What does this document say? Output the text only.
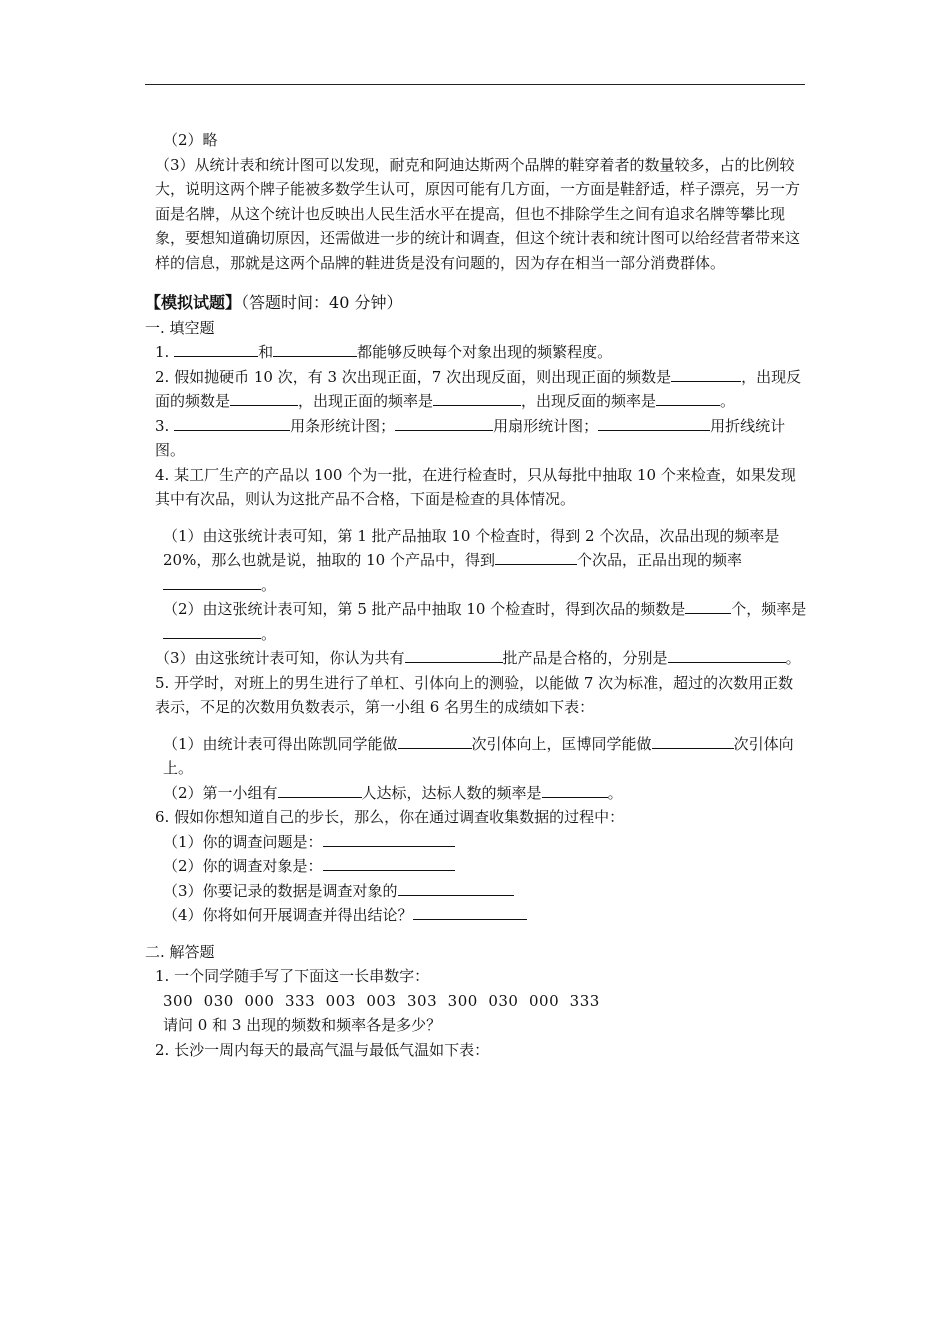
（2）略

（3）从统计表和统计图可以发现，耐克和阿迪达斯两个品牌的鞋穿着者的数量较多，占的比例较大，说明这两个牌子能被多数学生认可，原因可能有几方面，一方面是鞋舒适，样子漂亮，另一方面是名牌，从这个统计也反映出人民生活水平在提高，但也不排除学生之间有追求名牌等攀比现象，要想知道确切原因，还需做进一步的统计和调查，但这个统计表和统计图可以给经营者带来这样的信息，那就是这两个品牌的鞋进货是没有问题的，因为存在相当一部分消费群体。

【模拟试题】（答题时间：40 分钟）

一. 填空题

1.	和	都能够反映每个对象出现的频繁程度。

2. 假如抛硬币 10 次，有 3 次出现正面，7 次出现反面，则出现正面的频数是	，出现反面的频数是	，出现正面的频率是	，出现反面的频率是	。

3.	用条形统计图；	用扇形统计图；	用折线统计图。

4. 某工厂生产的产品以 100 个为一批，在进行检查时，只从每批中抽取 10 个来检查，如果发现其中有次品，则认为这批产品不合格，下面是检查的具体情况。

（1）由这张统计表可知，第 1 批产品抽取 10 个检查时，得到 2 个次品，次品出现的频率是 20%，那么也就是说，抽取的 10 个产品中，得到	个次品，正品出现的频率。

（2）由这张统计表可知，第 5 批产品中抽取 10 个检查时，得到次品的频数是	个，频率是。

（3）由这张统计表可知，你认为共有	批产品是合格的，分别是	。

5. 开学时，对班上的男生进行了单杠、引体向上的测验，以能做 7 次为标准，超过的次数用正数表示，不足的次数用负数表示，第一小组 6 名男生的成绩如下表：

（1）由统计表可得出陈凯同学能做	次引体向上，匡博同学能做	次引体向上。

（2）第一小组有	人达标，达标人数的频率是	。

6. 假如你想知道自己的步长，那么，你在通过调查收集数据的过程中：

（1）你的调查问题是：

（2）你的调查对象是：

（3）你要记录的数据是调查对象的

（4）你将如何开展调查并得出结论？

二. 解答题

1. 一个同学随手写了下面这一长串数字：

300  030  000  333  003  003  303  300  030  000  333

请问 0 和 3 出现的频数和频率各是多少？

2. 长沙一周内每天的最高气温与最低气温如下表：
